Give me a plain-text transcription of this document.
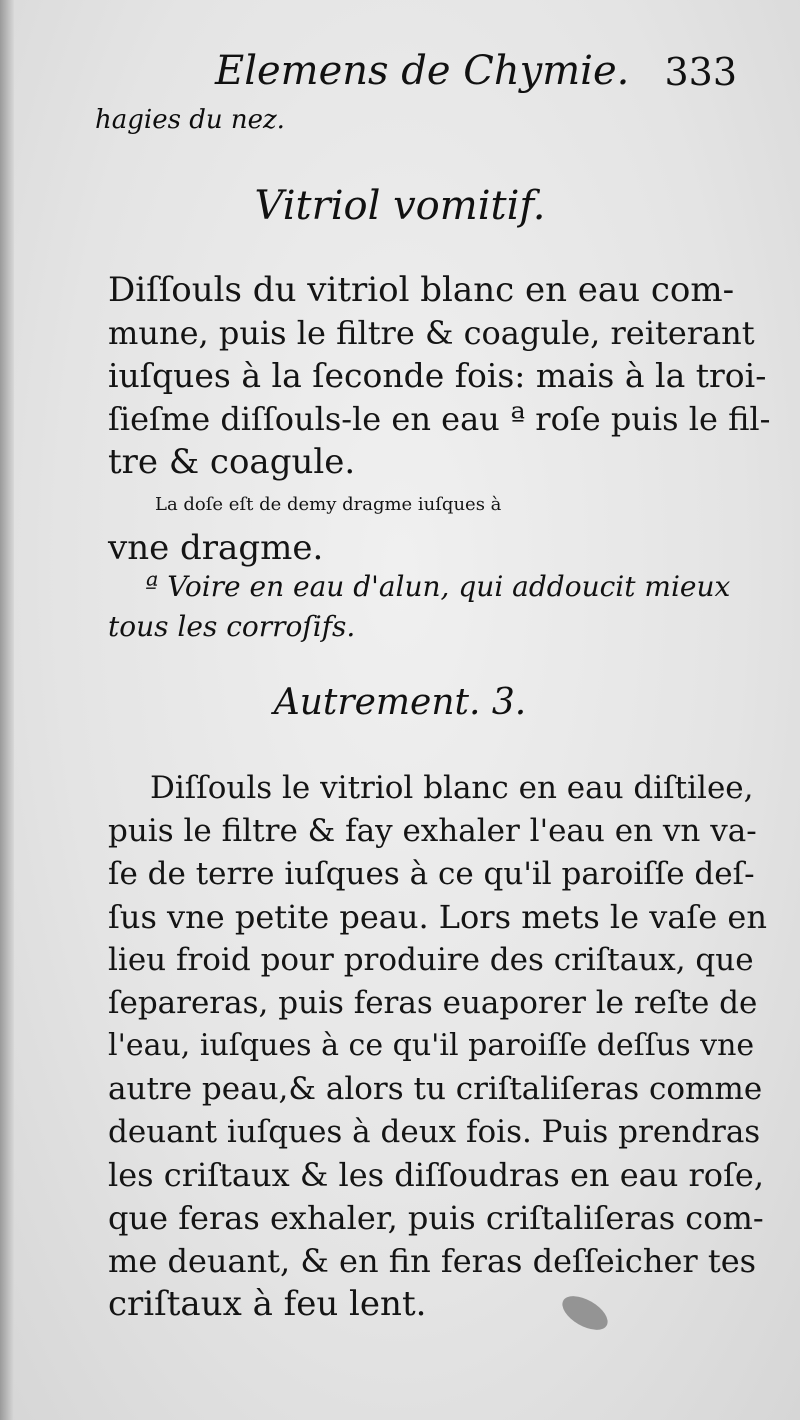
Elemens de Chymie. 333
hagies du nez.
Vitriol vomitif.
Diſſouls du vitriol blanc en eau com-
mune, puis le filtre & coagule, reiterant
iuſques à la ſeconde fois: mais à la troi-
ſieſme diſſouls-le en eau ª roſe puis le fil-
tre & coagule.
La doſe eſt de demy dragme iuſques à
vne dragme.
ª Voire en eau d'alun, qui addoucit mieux
tous les corroſifs.
Autrement. 3.
Diſſouls le vitriol blanc en eau diſtilee,
puis le filtre & fay exhaler l'eau en vn va-
ſe de terre iuſques à ce qu'il paroiſſe deſ-
ſus vne petite peau. Lors mets le vaſe en
lieu froid pour produire des criſtaux, que
ſepareras, puis feras euaporer le reſte de
l'eau, iuſques à ce qu'il paroiſſe deſſus vne
autre peau,& alors tu criſtaliſeras comme
deuant iuſques à deux fois. Puis prendras
les criſtaux & les diſſoudras en eau roſe,
que feras exhaler, puis criſtaliſeras com-
me deuant, & en fin feras deſſeicher tes
criſtaux à feu lent.
